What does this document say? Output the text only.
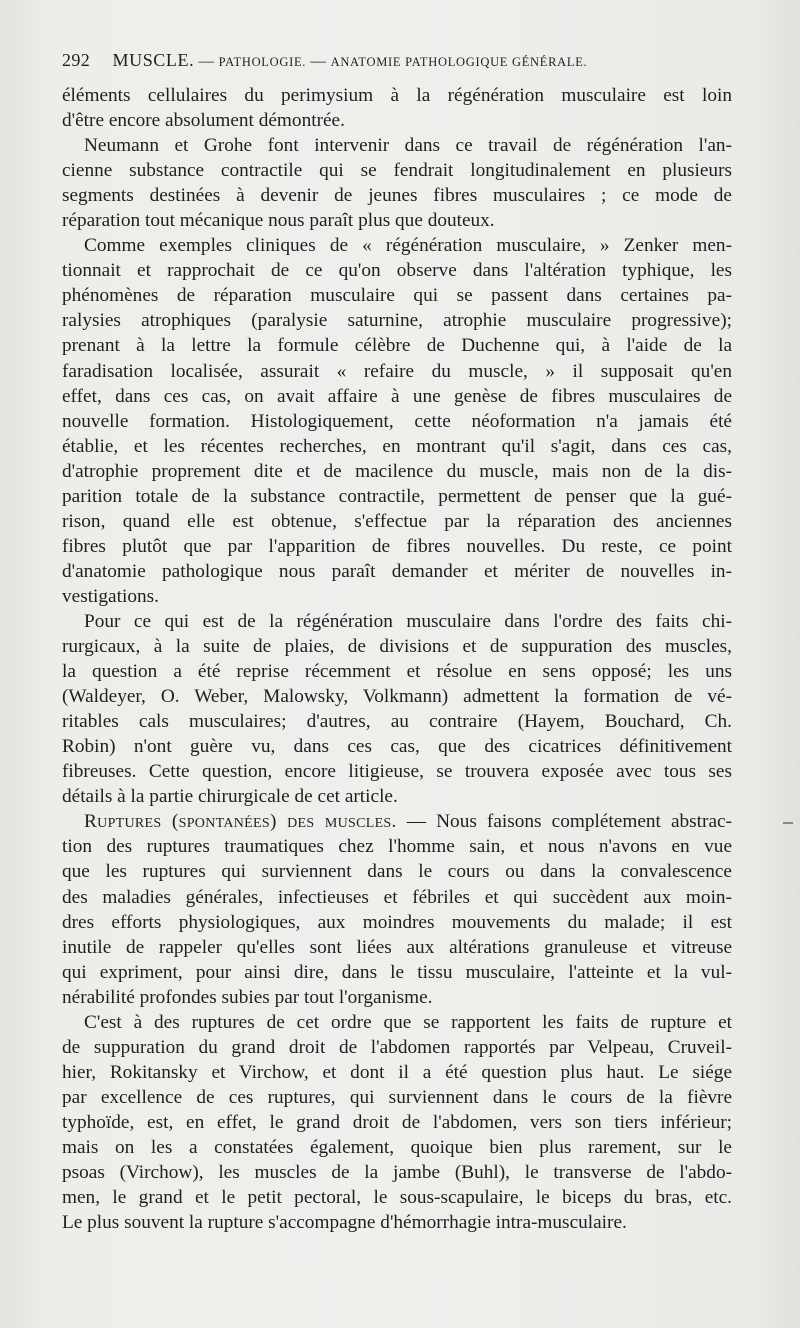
292 MUSCLE. — PATHOLOGIE. — ANATOMIE PATHOLOGIQUE GÉNÉRALE.
éléments cellulaires du perimysium à la régénération musculaire est loin
d'être encore absolument démontrée.
Neumann et Grohe font intervenir dans ce travail de régénération l'an-
cienne substance contractile qui se fendrait longitudinalement en plusieurs
segments destinées à devenir de jeunes fibres musculaires ; ce mode de
réparation tout mécanique nous paraît plus que douteux.
Comme exemples cliniques de « régénération musculaire, » Zenker men-
tionnait et rapprochait de ce qu'on observe dans l'altération typhique, les
phénomènes de réparation musculaire qui se passent dans certaines pa-
ralysies atrophiques (paralysie saturnine, atrophie musculaire progressive);
prenant à la lettre la formule célèbre de Duchenne qui, à l'aide de la
faradisation localisée, assurait « refaire du muscle, » il supposait qu'en
effet, dans ces cas, on avait affaire à une genèse de fibres musculaires de
nouvelle formation. Histologiquement, cette néoformation n'a jamais été
établie, et les récentes recherches, en montrant qu'il s'agit, dans ces cas,
d'atrophie proprement dite et de macilence du muscle, mais non de la dis-
parition totale de la substance contractile, permettent de penser que la gué-
rison, quand elle est obtenue, s'effectue par la réparation des anciennes
fibres plutôt que par l'apparition de fibres nouvelles. Du reste, ce point
d'anatomie pathologique nous paraît demander et mériter de nouvelles in-
vestigations.
Pour ce qui est de la régénération musculaire dans l'ordre des faits chi-
rurgicaux, à la suite de plaies, de divisions et de suppuration des muscles,
la question a été reprise récemment et résolue en sens opposé; les uns
(Waldeyer, O. Weber, Malowsky, Volkmann) admettent la formation de vé-
ritables cals musculaires; d'autres, au contraire (Hayem, Bouchard, Ch.
Robin) n'ont guère vu, dans ces cas, que des cicatrices définitivement
fibreuses. Cette question, encore litigieuse, se trouvera exposée avec tous ses
détails à la partie chirurgicale de cet article.
Ruptures (spontanées) des muscles. — Nous faisons complétement abstrac-
tion des ruptures traumatiques chez l'homme sain, et nous n'avons en vue
que les ruptures qui surviennent dans le cours ou dans la convalescence
des maladies générales, infectieuses et fébriles et qui succèdent aux moin-
dres efforts physiologiques, aux moindres mouvements du malade; il est
inutile de rappeler qu'elles sont liées aux altérations granuleuse et vitreuse
qui expriment, pour ainsi dire, dans le tissu musculaire, l'atteinte et la vul-
nérabilité profondes subies par tout l'organisme.
C'est à des ruptures de cet ordre que se rapportent les faits de rupture et
de suppuration du grand droit de l'abdomen rapportés par Velpeau, Cruveil-
hier, Rokitansky et Virchow, et dont il a été question plus haut. Le siége
par excellence de ces ruptures, qui surviennent dans le cours de la fièvre
typhoïde, est, en effet, le grand droit de l'abdomen, vers son tiers inférieur;
mais on les a constatées également, quoique bien plus rarement, sur le
psoas (Virchow), les muscles de la jambe (Buhl), le transverse de l'abdo-
men, le grand et le petit pectoral, le sous-scapulaire, le biceps du bras, etc.
Le plus souvent la rupture s'accompagne d'hémorrhagie intra-musculaire.
